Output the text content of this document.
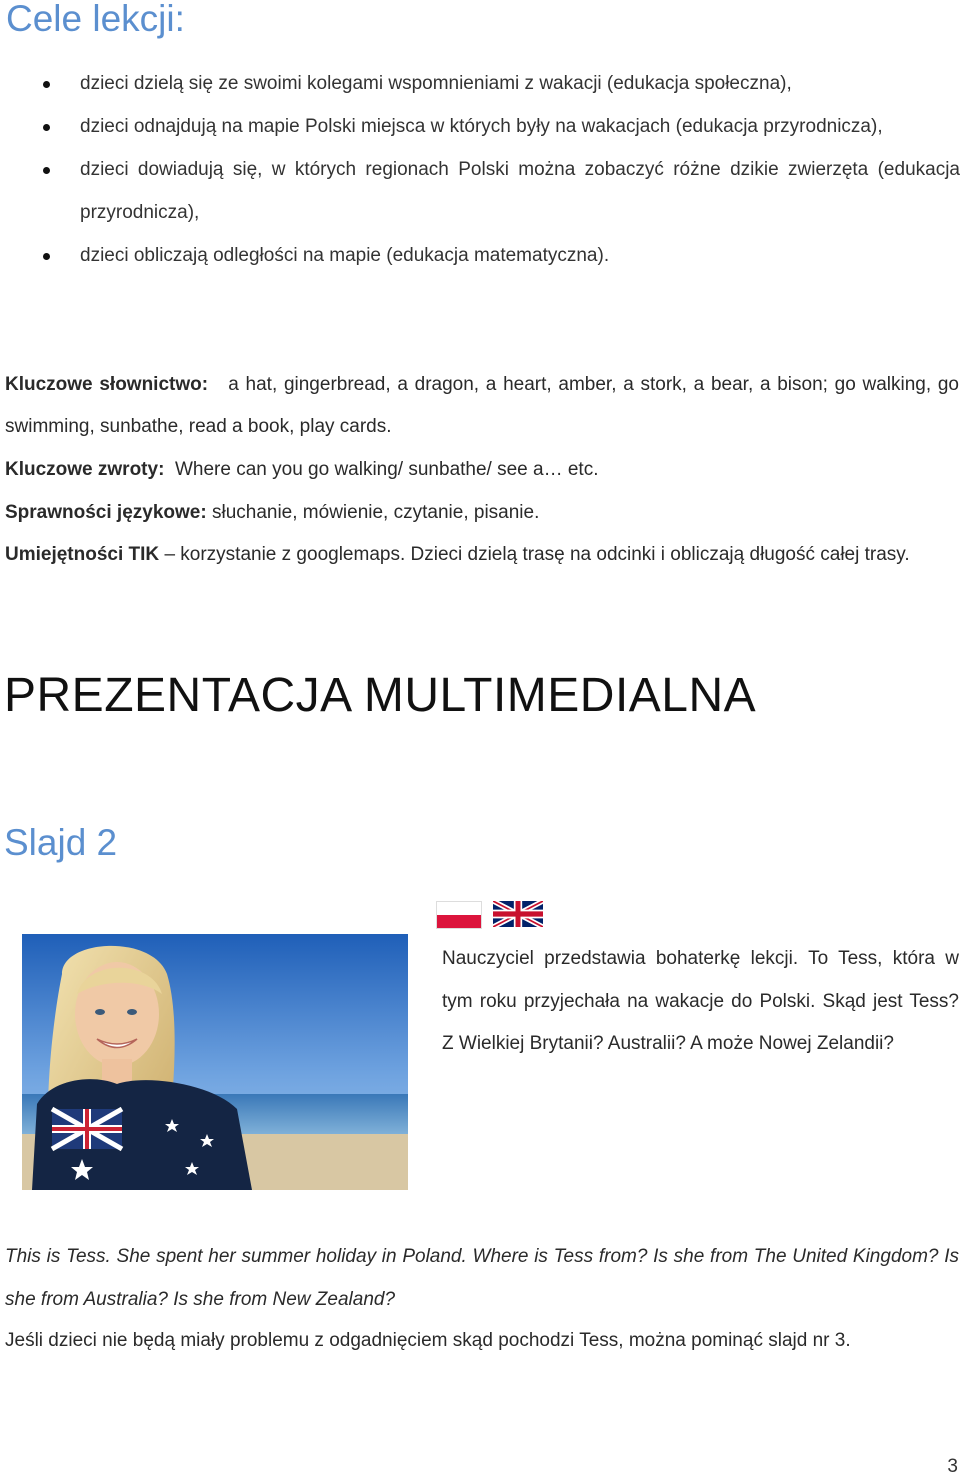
Cele lekcji:
dzieci dzielą się ze swoimi kolegami wspomnieniami z wakacji (edukacja społeczna),
dzieci odnajdują na mapie Polski miejsca w których były na wakacjach (edukacja przyrodnicza),
dzieci dowiadują się, w których regionach Polski można zobaczyć różne dzikie zwierzęta (edukacja przyrodnicza),
dzieci obliczają odległości na mapie (edukacja matematyczna).

Kluczowe słownictwo: a hat, gingerbread, a dragon, a heart, amber, a stork, a bear, a bison; go walking, go swimming, sunbathe, read a book, play cards.

Kluczowe zwroty: Where can you go walking/ sunbathe/ see a… etc.

Sprawności językowe: słuchanie, mówienie, czytanie, pisanie.

Umiejętności TIK – korzystanie z googlemaps. Dzieci dzielą trasę na odcinki i obliczają długość całej trasy.

PREZENTACJA MULTIMEDIALNA
Slajd 2

Nauczyciel przedstawia bohaterkę lekcji. To Tess, która w tym roku przyjechała na wakacje do Polski. Skąd jest Tess? Z Wielkiej Brytanii? Australii? A może Nowej Zelandii?

This is Tess. She spent her summer holiday in Poland. Where is Tess from? Is she from The United Kingdom? Is she from Australia? Is she from New Zealand?

Jeśli dzieci nie będą miały problemu z odgadnięciem skąd pochodzi Tess, można pominąć slajd nr 3.

3
